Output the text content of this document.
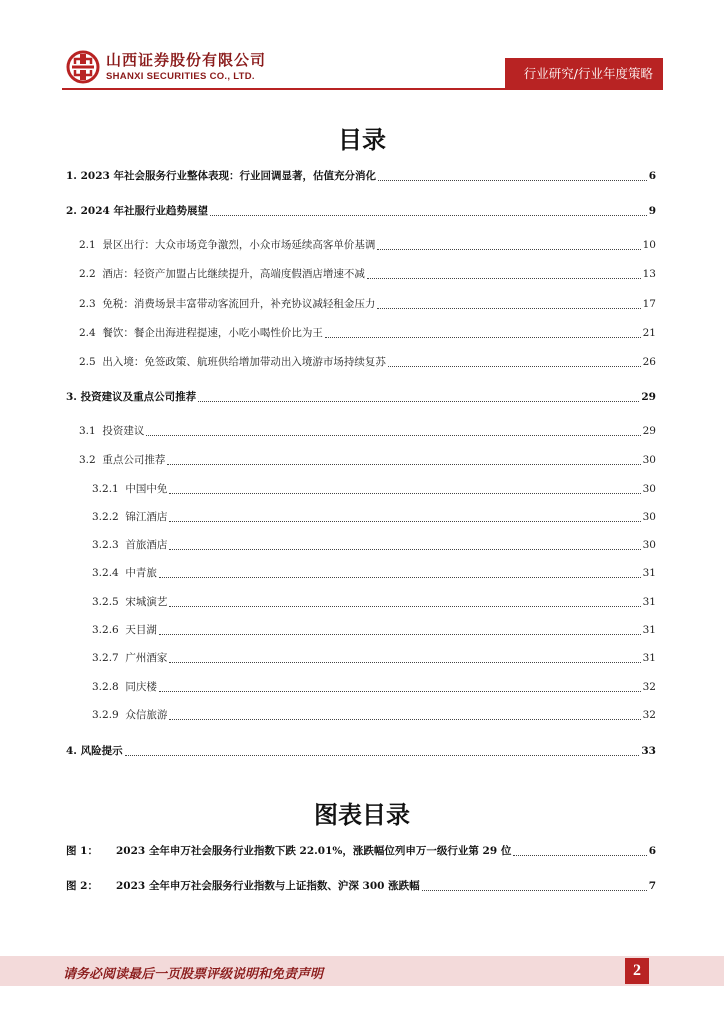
山西证券股份有限公司
SHANXI SECURITIES CO., LTD.	行业研究/行业年度策略
目录
1. 2023 年社会服务行业整体表现：行业回调显著，估值充分消化	6
2. 2024 年社服行业趋势展望	9
2.1 景区出行：大众市场竞争激烈，小众市场延续高客单价基调	10
2.2 酒店：轻资产加盟占比继续提升，高端度假酒店增速不减	13
2.3 免税：消费场景丰富带动客流回升，补充协议减轻租金压力	17
2.4 餐饮：餐企出海进程提速，小吃小喝性价比为王	21
2.5 出入境：免签政策、航班供给增加带动出入境游市场持续复苏	26
3. 投资建议及重点公司推荐	29
3.1 投资建议	29
3.2 重点公司推荐	30
3.2.1 中国中免	30
3.2.2 锦江酒店	30
3.2.3 首旅酒店	30
3.2.4 中青旅	31
3.2.5 宋城演艺	31
3.2.6 天目湖	31
3.2.7 广州酒家	31
3.2.8 同庆楼	32
3.2.9 众信旅游	32
4. 风险提示	33
图表目录
图 1： 2023 全年申万社会服务行业指数下跌 22.01%，涨跌幅位列申万一级行业第 29 位	6
图 2： 2023 全年申万社会服务行业指数与上证指数、沪深 300 涨跌幅	7
请务必阅读最后一页股票评级说明和免责声明	2
